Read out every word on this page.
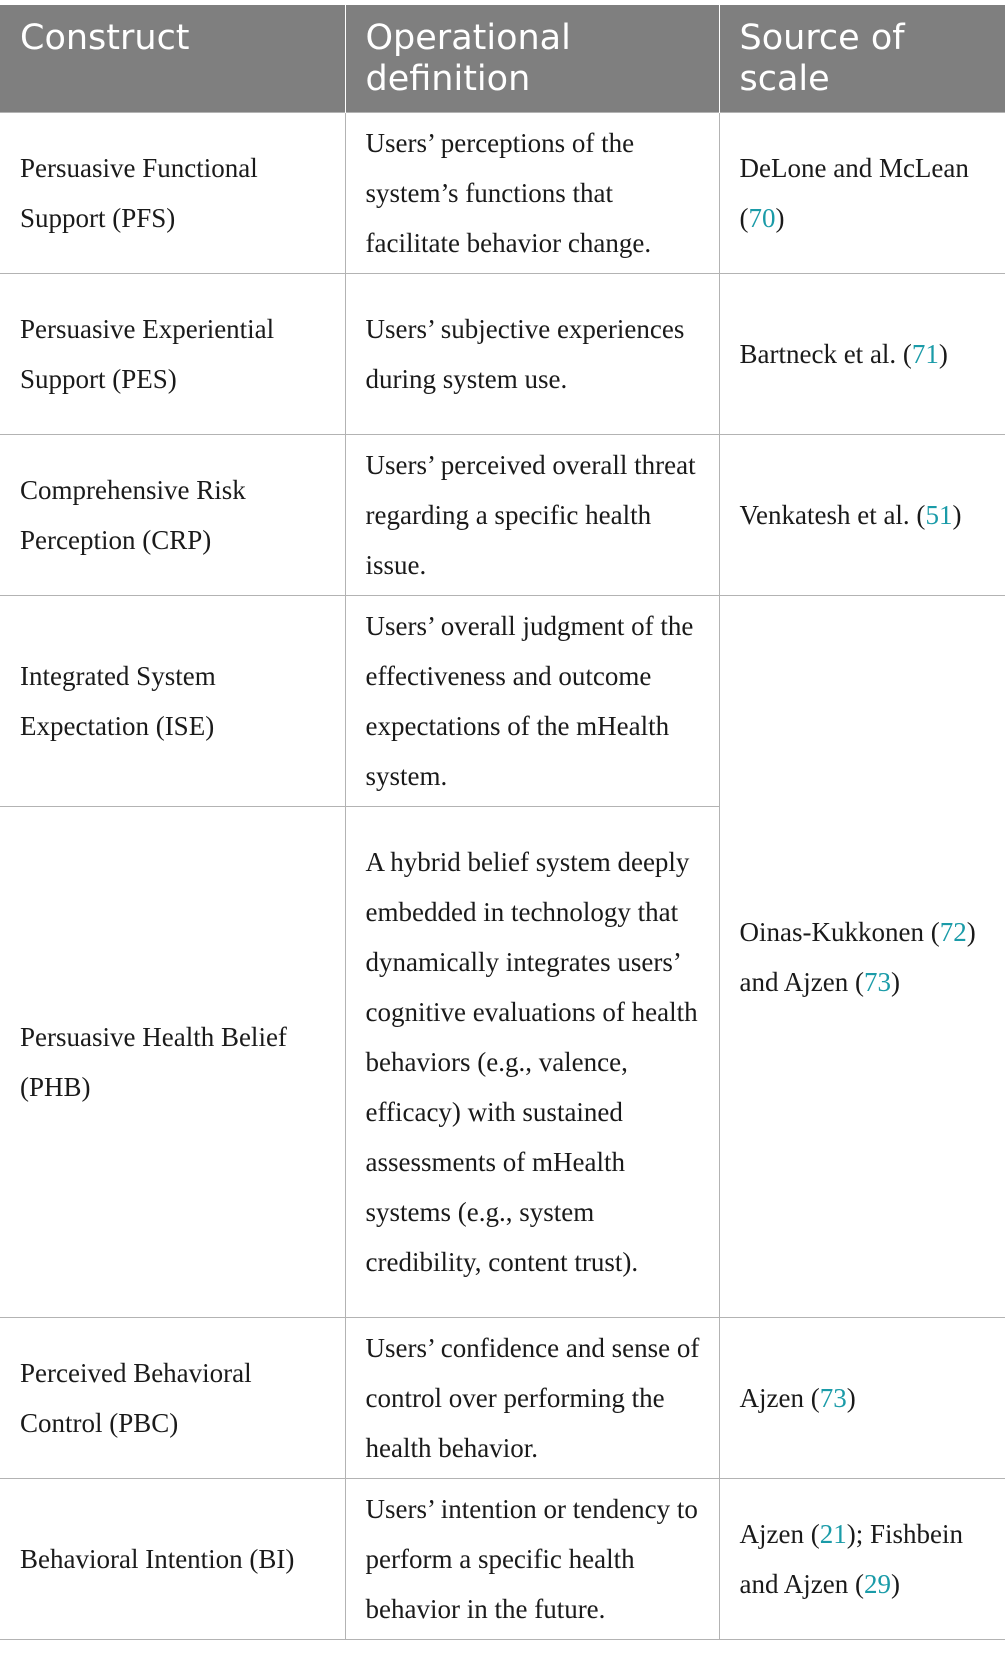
Construct	Operational definition	Source of scale
Persuasive Functional Support (PFS)	Users’ perceptions of the system’s functions that facilitate behavior change.	DeLone and McLean (70)
Persuasive Experiential Support (PES)	Users’ subjective experiences during system use.	Bartneck et al. (71)
Comprehensive Risk Perception (CRP)	Users’ perceived overall threat regarding a specific health issue.	Venkatesh et al. (51)
Integrated System Expectation (ISE)	Users’ overall judgment of the effectiveness and outcome expectations of the mHealth system.	Oinas-Kukkonen (72) and Ajzen (73)
Persuasive Health Belief (PHB)	A hybrid belief system deeply embedded in technology that dynamically integrates users’ cognitive evaluations of health behaviors (e.g., valence, efficacy) with sustained assessments of mHealth systems (e.g., system credibility, content trust).	
Perceived Behavioral Control (PBC)	Users’ confidence and sense of control over performing the health behavior.	Ajzen (73)
Behavioral Intention (BI)	Users’ intention or tendency to perform a specific health behavior in the future.	Ajzen (21); Fishbein and Ajzen (29)
